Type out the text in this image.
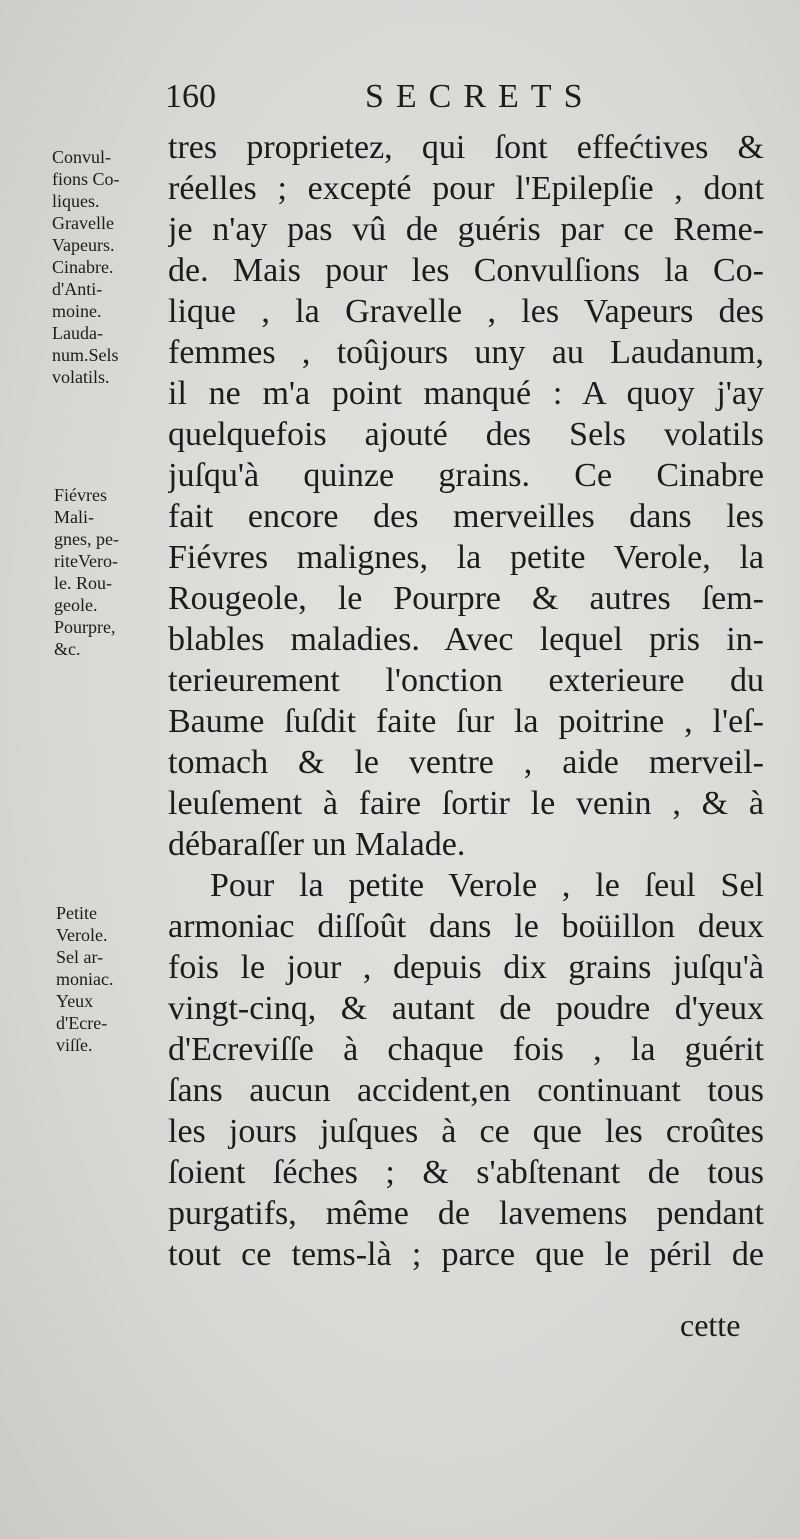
160	SECRETS
Convul-
fions Co-
liques.
Gravelle
Vapeurs.
Cinabre.
d'Anti-
moine.
Lauda-
num.Sels
volatils.
Fiévres
Mali-
gnes, pe-
riteVero-
le. Rou-
geole.
Pourpre,
&c.
Petite
Verole.
Sel ar-
moniac.
Yeux
d'Ecre-
viſſe.
tres proprietez, qui ſont effećtives &
réelles ; excepté pour l'Epilepſie , dont
je n'ay pas vû de guéris par ce Reme-
de. Mais pour les Convulſions la Co-
lique , la Gravelle , les Vapeurs des
femmes , toûjours uny au Laudanum,
il ne m'a point manqué : A quoy j'ay
quelquefois ajouté des Sels volatils
juſqu'à quinze grains. Ce Cinabre
fait encore des merveilles dans les
Fiévres malignes, la petite Verole, la
Rougeole, le Pourpre & autres ſem-
blables maladies. Avec lequel pris in-
terieurement l'onction exterieure du
Baume ſuſdit faite ſur la poitrine , l'eſ-
tomach & le ventre , aide merveil-
leuſement à faire ſortir le venin , & à
débaraſſer un Malade.
Pour la petite Verole , le ſeul Sel
armoniac diſſoût dans le boüillon deux
fois le jour , depuis dix grains juſqu'à
vingt-cinq, & autant de poudre d'yeux
d'Ecreviſſe à chaque fois , la guérit
ſans aucun accident,en continuant tous
les jours juſques à ce que les croûtes
ſoient ſéches ; & s'abſtenant de tous
purgatifs, même de lavemens pendant
tout ce tems-là ; parce que le péril de
cette
